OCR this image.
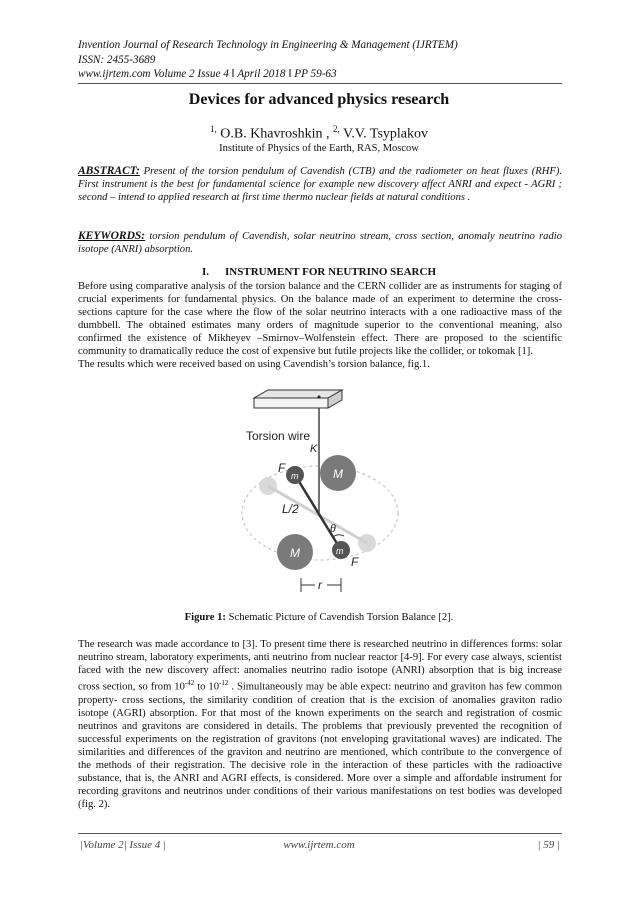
Invention Journal of Research Technology in Engineering & Management (IJRTEM)
ISSN: 2455-3689
www.ijrtem.com Volume 2 Issue 4 ǁ April 2018 ǁ PP 59-63
Devices for advanced physics research
$^{1,}$ O.B. Khavroshkin , $^{2,}$ V.V. Tsyplakov
Institute of Physics of the Earth, RAS, Moscow
ABSTRACT: Present of the torsion pendulum of Cavendish (CTB) and the radiometer on heat fluxes (RHF). First instrument is the best for fundamental science for example new discovery affect ANRI and expect - AGRI ; second – intend to applied research at first time thermo nuclear fields at natural conditions .
KEYWORDS: torsion pendulum of Cavendish, solar neutrino stream, cross section, anomaly neutrino radio isotope (ANRI) absorption.
I. INSTRUMENT FOR NEUTRINO SEARCH
Before using comparative analysis of the torsion balance and the CERN collider are as instruments for staging of crucial experiments for fundamental physics. On the balance made of an experiment to determine the cross-sections capture for the case where the flow of the solar neutrino interacts with a one radioactive mass of the dumbbell. The obtained estimates many orders of magnitude superior to the conventional meaning, also confirmed the existence of Mikheyev –Smirnov–Wolfenstein effect. There are proposed to the scientific community to dramatically reduce the cost of expensive but futile projects like the collider, or tokomak [1].
The results which were received based on using Cavendish’s torsion balance, fig.1.
Torsion wire
K
F
m	M
L/2
θ
M	m
F
r
Figure 1: Schematic Picture of Cavendish Torsion Balance [2].
The research was made accordance to [3]. To present time there is researched neutrino in differences forms: solar neutrino stream, laboratory experiments, anti neutrino from nuclear reactor [4-9]. For every case always, scientist faced with the new discovery affect: anomalies neutrino radio isotope (ANRI) absorption that is big increase cross section, so from $10^{-42}$ to $10^{-12}$ . Simultaneously may be able expect: neutrino and graviton has few common property- cross sections, the similarity condition of creation that is the excision of anomalies graviton radio isotope (AGRI) absorption. For that most of the known experiments on the search and registration of cosmic neutrinos and gravitons are considered in details. The problems that previously prevented the recognition of successful experiments on the registration of gravitons (not enveloping gravitational waves) are indicated. The similarities and differences of the graviton and neutrino are mentioned, which contribute to the convergence of the methods of their registration. The decisive role in the interaction of these particles with the radioactive substance, that is, the ANRI and AGRI effects, is considered. More over a simple and affordable instrument for recording gravitons and neutrinos under conditions of their various manifestations on test bodies was developed (fig. 2).
|Volume 2| Issue 4 |	www.ijrtem.com	| 59 |
